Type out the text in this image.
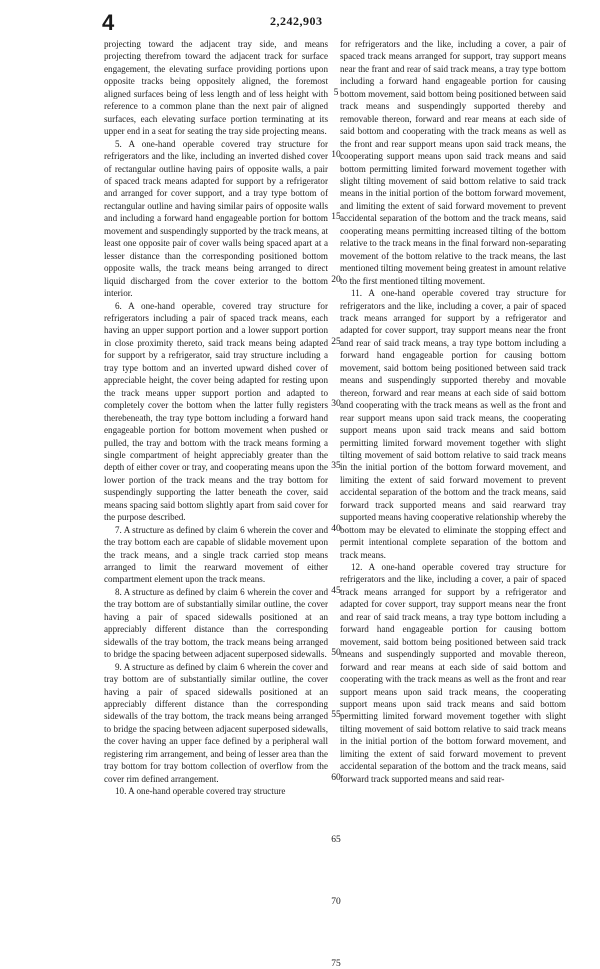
4	2,242,903

projecting toward the adjacent tray side, and means projecting therefrom toward the adjacent track for surface engagement, the elevating surface providing portions upon opposite tracks being oppositely aligned, the foremost aligned surfaces being of less length and of less height with reference to a common plane than the next pair of aligned surfaces, each elevating surface portion terminating at its upper end in a seat for seating the tray side projecting means.

5. A one-hand operable covered tray structure for refrigerators and the like, including an inverted dished cover of rectangular outline having pairs of opposite walls, a pair of spaced track means adapted for support by a refrigerator and arranged for cover support, and a tray type bottom of rectangular outline and having similar pairs of opposite walls and including a forward hand engageable portion for bottom movement and suspendingly supported by the track means, at least one opposite pair of cover walls being spaced apart at a lesser distance than the corresponding positioned bottom opposite walls, the track means being arranged to direct liquid discharged from the cover exterior to the bottom interior.

6. A one-hand operable, covered tray structure for refrigerators including a pair of spaced track means, each having an upper support portion and a lower support portion in close proximity thereto, said track means being adapted for support by a refrigerator, said tray structure including a tray type bottom and an inverted upward dished cover of appreciable height, the cover being adapted for resting upon the track means upper support portion and adapted to completely cover the bottom when the latter fully registers therebeneath, the tray type bottom including a forward hand engageable portion for bottom movement when pushed or pulled, the tray and bottom with the track means forming a single compartment of height appreciably greater than the depth of either cover or tray, and cooperating means upon the lower portion of the track means and the tray bottom for suspendingly supporting the latter beneath the cover, said means spacing said bottom slightly apart from said cover for the purpose described.

7. A structure as defined by claim 6 wherein the cover and the tray bottom each are capable of slidable movement upon the track means, and a single track carried stop means arranged to limit the rearward movement of either compartment element upon the track means.

8. A structure as defined by claim 6 wherein the cover and the tray bottom are of substantially similar outline, the cover having a pair of spaced sidewalls positioned at an appreciably different distance than the corresponding sidewalls of the tray bottom, the track means being arranged to bridge the spacing between adjacent superposed sidewalls.

9. A structure as defined by claim 6 wherein the cover and tray bottom are of substantially similar outline, the cover having a pair of spaced sidewalls positioned at an appreciably different distance than the corresponding sidewalls of the tray bottom, the track means being arranged to bridge the spacing between adjacent superposed sidewalls, the cover having an upper face defined by a peripheral wall registering rim arrangement, and being of lesser area than the tray bottom for tray bottom collection of overflow from the cover rim defined arrangement.

10. A one-hand operable covered tray structure

5
10
15
20
25
30
35
40
45
50
55
60
65
70
75

for refrigerators and the like, including a cover, a pair of spaced track means arranged for support, tray support means near the frant and rear of said track means, a tray type bottom including a forward hand engageable portion for causing bottom movement, said bottom being positioned between said track means and suspendingly supported thereby and removable thereon, forward and rear means at each side of said bottom and cooperating with the track means as well as the front and rear support means upon said track means, the cooperating support means upon said track means and said bottom permitting limited forward movement together with slight tilting movement of said bottom relative to said track means in the initial portion of the bottom forward movement, and limiting the extent of said forward movement to prevent accidental separation of the bottom and the track means, said cooperating means permitting increased tilting of the bottom relative to the track means in the final forward non-separating movement of the bottom relative to the track means, the last mentioned tilting movement being greatest in amount relative to the first mentioned tilting movement.

11. A one-hand operable covered tray structure for refrigerators and the like, including a cover, a pair of spaced track means arranged for support by a refrigerator and adapted for cover support, tray support means near the front and rear of said track means, a tray type bottom including a forward hand engageable portion for causing bottom movement, said bottom being positioned between said track means and suspendingly supported thereby and movable thereon, forward and rear means at each side of said bottom and cooperating with the track means as well as the front and rear support means upon said track means, the cooperating support means upon said track means and said bottom permitting limited forward movement together with slight tilting movement of said bottom relative to said track means in the initial portion of the bottom forward movement, and limiting the extent of said forward movement to prevent accidental separation of the bottom and the track means, said forward track supported means and said rearward tray supported means having cooperative relationship whereby the bottom may be elevated to eliminate the stopping effect and permit intentional complete separation of the bottom and track means.

12. A one-hand operable covered tray structure for refrigerators and the like, including a cover, a pair of spaced track means arranged for support by a refrigerator and adapted for cover support, tray support means near the front and rear of said track means, a tray type bottom including a forward hand engageable portion for causing bottom movement, said bottom being positioned between said track means and suspendingly supported and movable thereon, forward and rear means at each side of said bottom and cooperating with the track means as well as the front and rear support means upon said track means, the cooperating support means upon said track means and said bottom permitting limited forward movement together with slight tilting movement of said bottom relative to said track means in the initial portion of the bottom forward movement, and limiting the extent of said forward movement to prevent accidental separation of the bottom and the track means, said forward track supported means and said rear-
